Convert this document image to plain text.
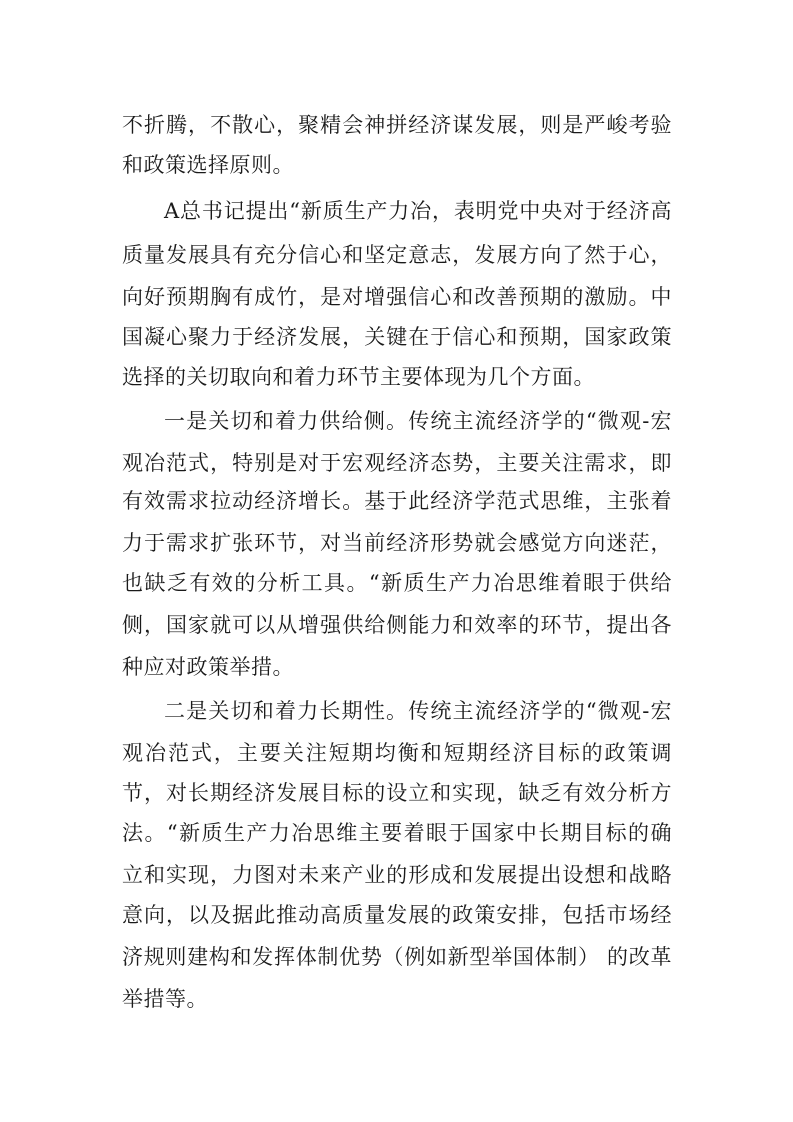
不折腾，不散心，聚精会神拼经济谋发展，则是严峻考验
和政策选择原则。
A总书记提出“新质生产力冶，表明党中央对于经济高
质量发展具有充分信心和坚定意志，发展方向了然于心，
向好预期胸有成竹，是对增强信心和改善预期的激励。中
国凝心聚力于经济发展，关键在于信心和预期，国家政策
选择的关切取向和着力环节主要体现为几个方面。
一是关切和着力供给侧。传统主流经济学的“微观-宏
观冶范式，特别是对于宏观经济态势，主要关注需求，即
有效需求拉动经济增长。基于此经济学范式思维，主张着
力于需求扩张环节，对当前经济形势就会感觉方向迷茫，
也缺乏有效的分析工具。“新质生产力冶思维着眼于供给
侧，国家就可以从增强供给侧能力和效率的环节，提出各
种应对政策举措。
二是关切和着力长期性。传统主流经济学的“微观-宏
观冶范式，主要关注短期均衡和短期经济目标的政策调
节，对长期经济发展目标的设立和实现，缺乏有效分析方
法。“新质生产力冶思维主要着眼于国家中长期目标的确
立和实现，力图对未来产业的形成和发展提出设想和战略
意向，以及据此推动高质量发展的政策安排，包括市场经
济规则建构和发挥体制优势（例如新型举国体制） 的改革
举措等。
